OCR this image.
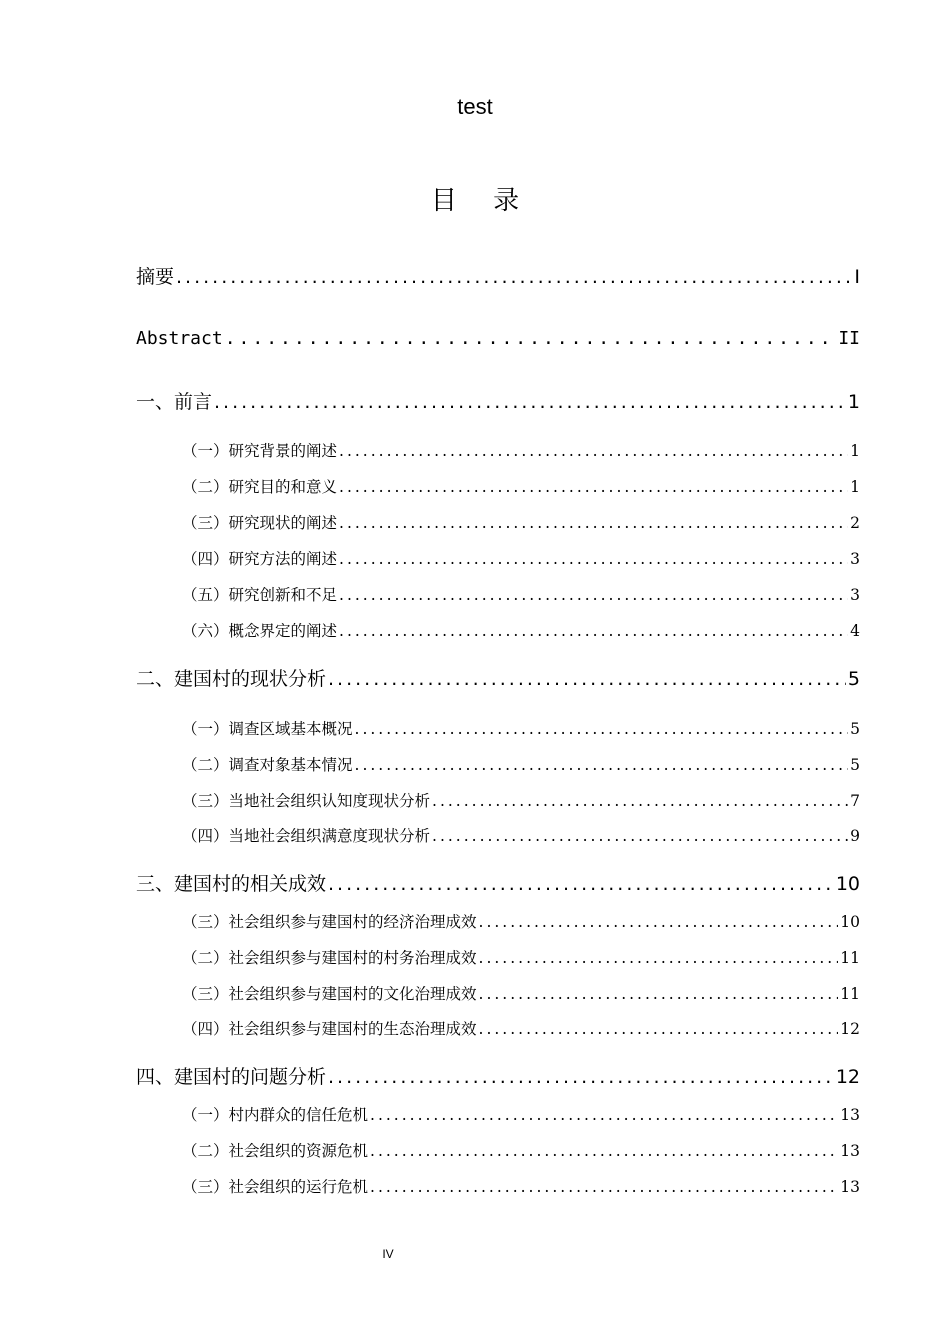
test
目 录
摘要 .....	I
Abstract .....	II
一、前言 .....	1
（一）研究背景的阐述 .....	1
（二）研究目的和意义 .....	1
（三）研究现状的阐述 .....	2
（四）研究方法的阐述 .....	3
（五）研究创新和不足 .....	3
（六）概念界定的阐述 .....	4
二、建国村的现状分析 .....	5
（一）调查区域基本概况 .....	5
（二）调查对象基本情况 .....	5
（三）当地社会组织认知度现状分析 .....	7
（四）当地社会组织满意度现状分析 .....	9
三、建国村的相关成效 .....	10
（三）社会组织参与建国村的经济治理成效 .....	10
（二）社会组织参与建国村的村务治理成效 .....	11
（三）社会组织参与建国村的文化治理成效 .....	11
（四）社会组织参与建国村的生态治理成效 .....	12
四、建国村的问题分析 .....	12
（一）村内群众的信任危机 .....	13
（二）社会组织的资源危机 .....	13
（三）社会组织的运行危机 .....	13
IV
